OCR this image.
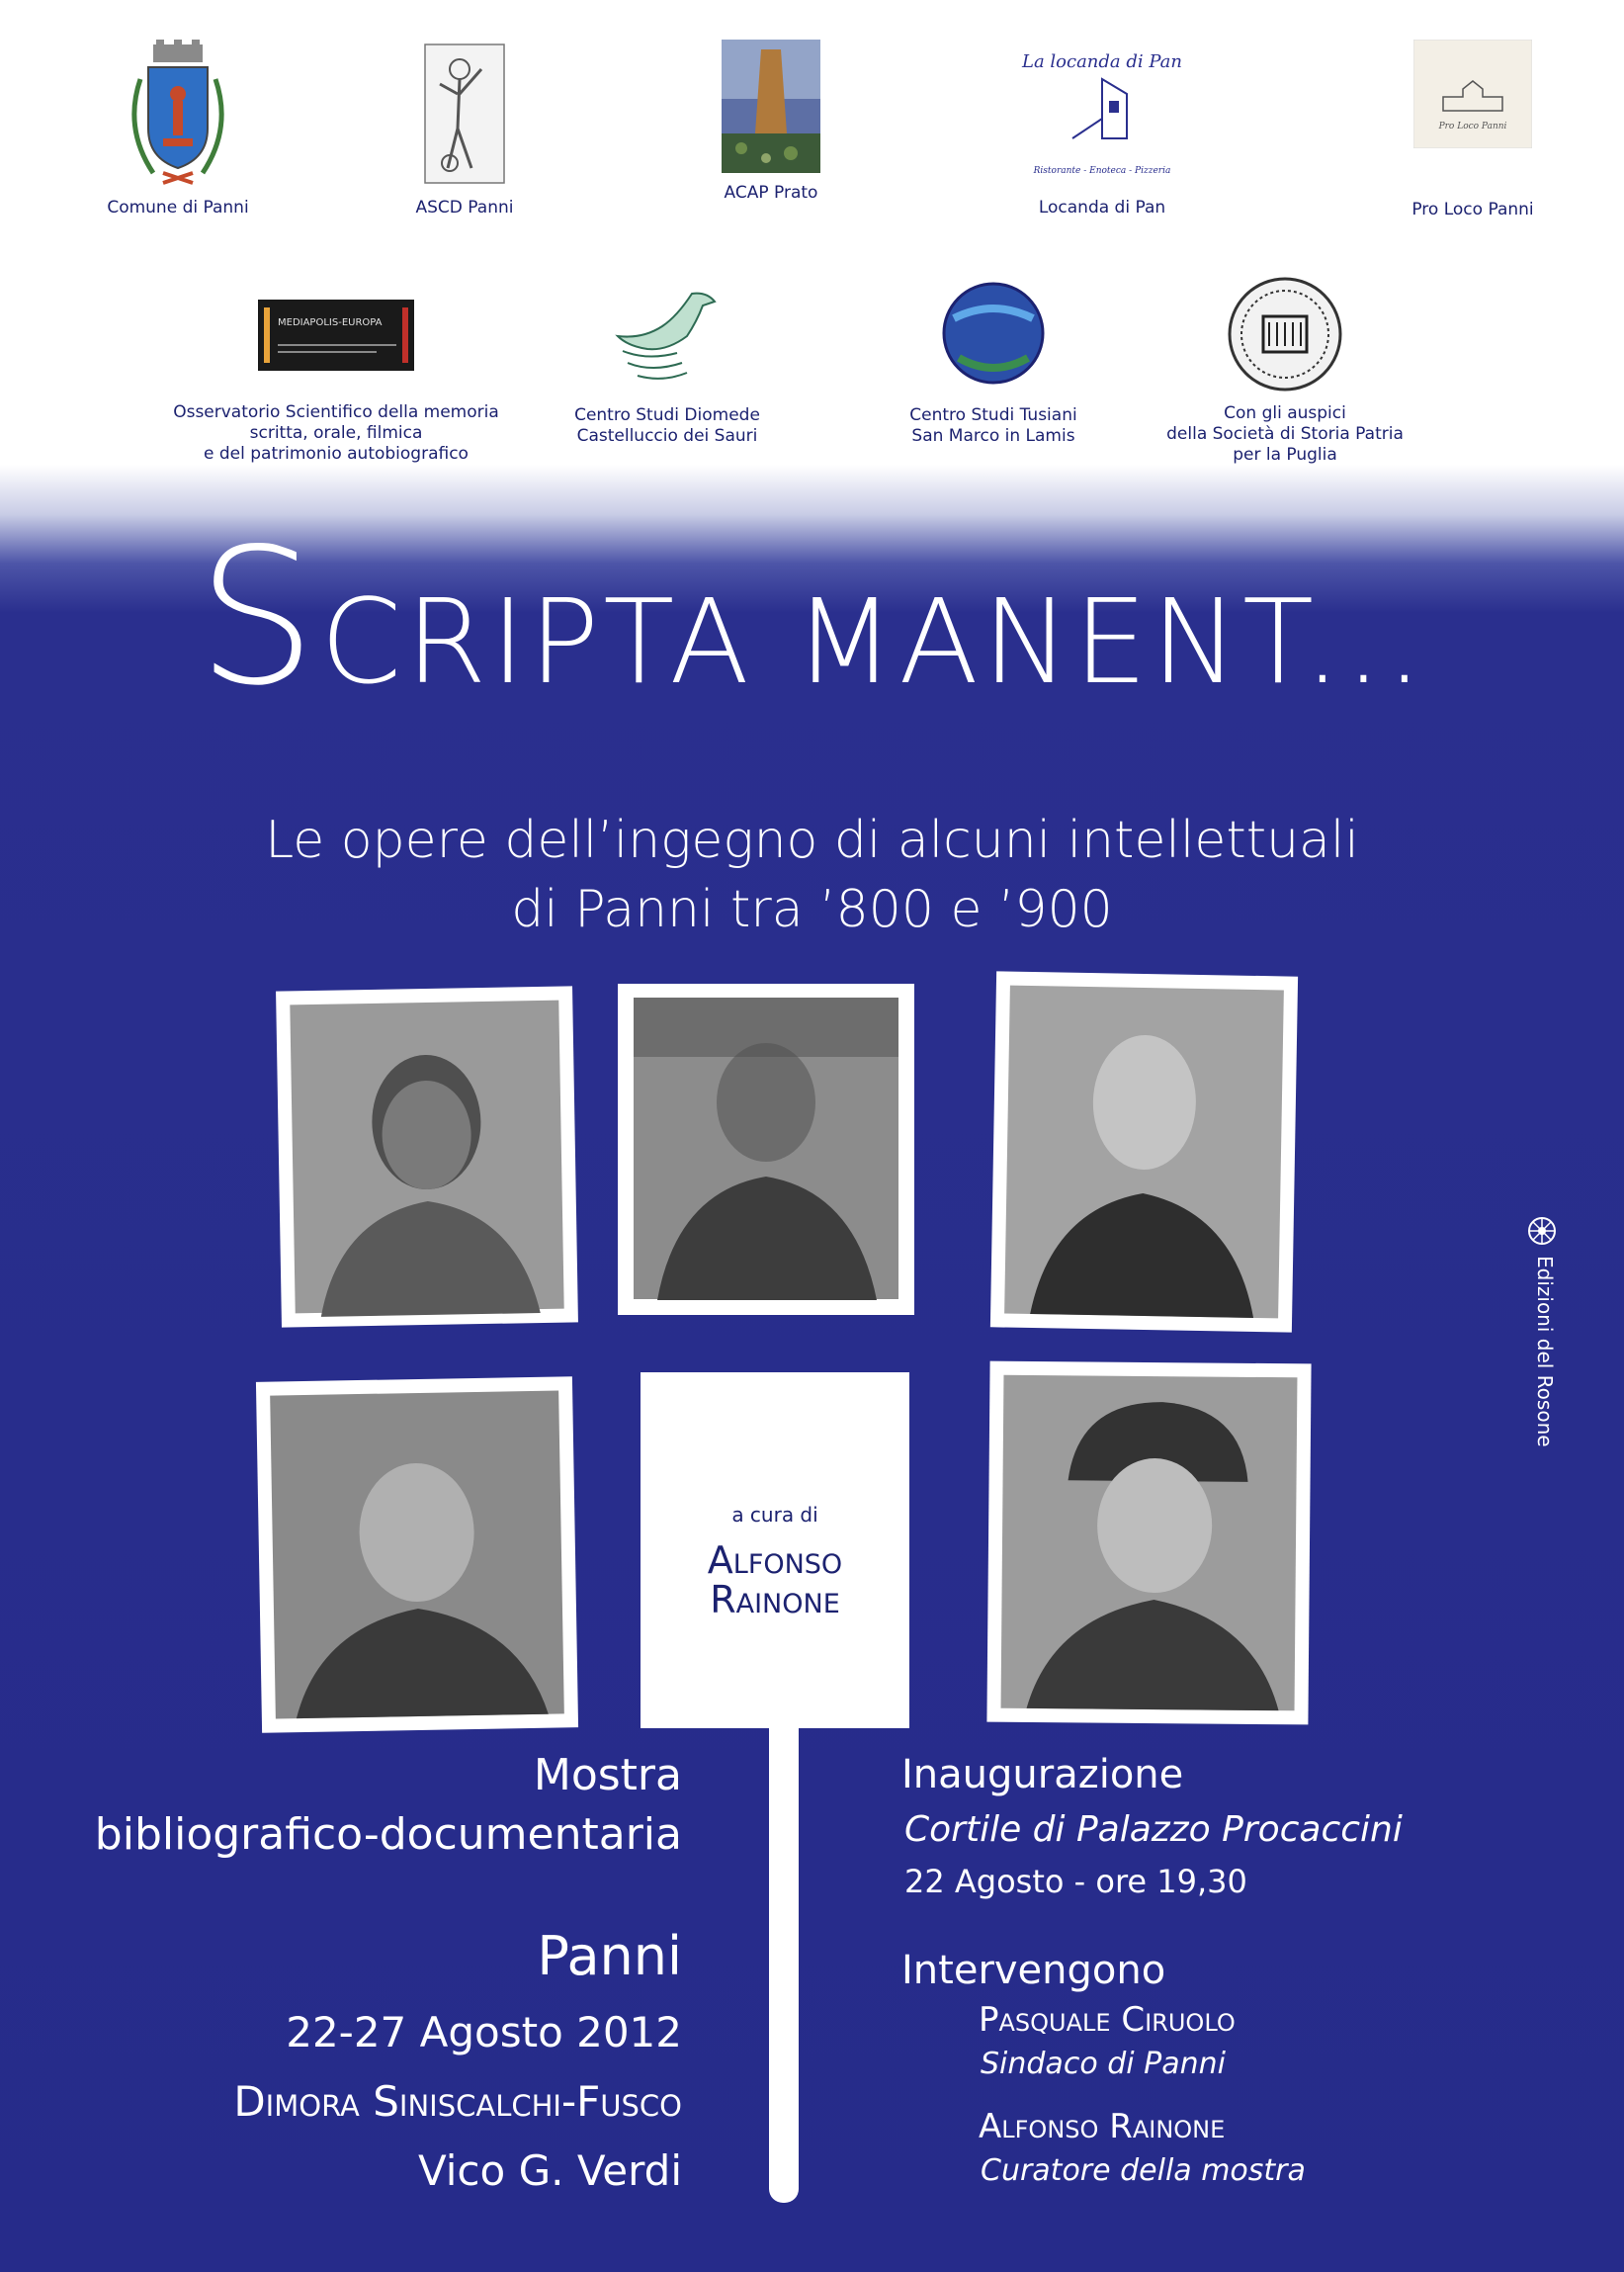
Comune di Panni	ASCD Panni
ACAP Prato
La locanda di Pan
Ristorante - Enoteca - Pizzeria
Locanda di Pan
Pro Loco Panni
Pro Loco Panni
MEDIAPOLIS-EUROPA
Osservatorio Scientifico della memoria
scritta, orale, filmica
e del patrimonio autobiografico
Centro Studi Diomede
Castelluccio dei Sauri
Centro Studi Tusiani
San Marco in Lamis
Con gli auspici
della Società di Storia Patria
per la Puglia
SCRIPTA MANENT...
Le opere dell’ingegno di alcuni intellettuali
di Panni tra ’800 e ’900
a cura di
Alfonso
Rainone
Mostra
bibliografico-documentaria
Panni
22-27 Agosto 2012
Dimora Siniscalchi-Fusco
Vico G. Verdi
Inaugurazione
Cortile di Palazzo Procaccini
22 Agosto - ore 19,30
Intervengono
Pasquale Ciruolo
Sindaco di Panni
Alfonso Rainone
Curatore della mostra
Edizioni del Rosone
